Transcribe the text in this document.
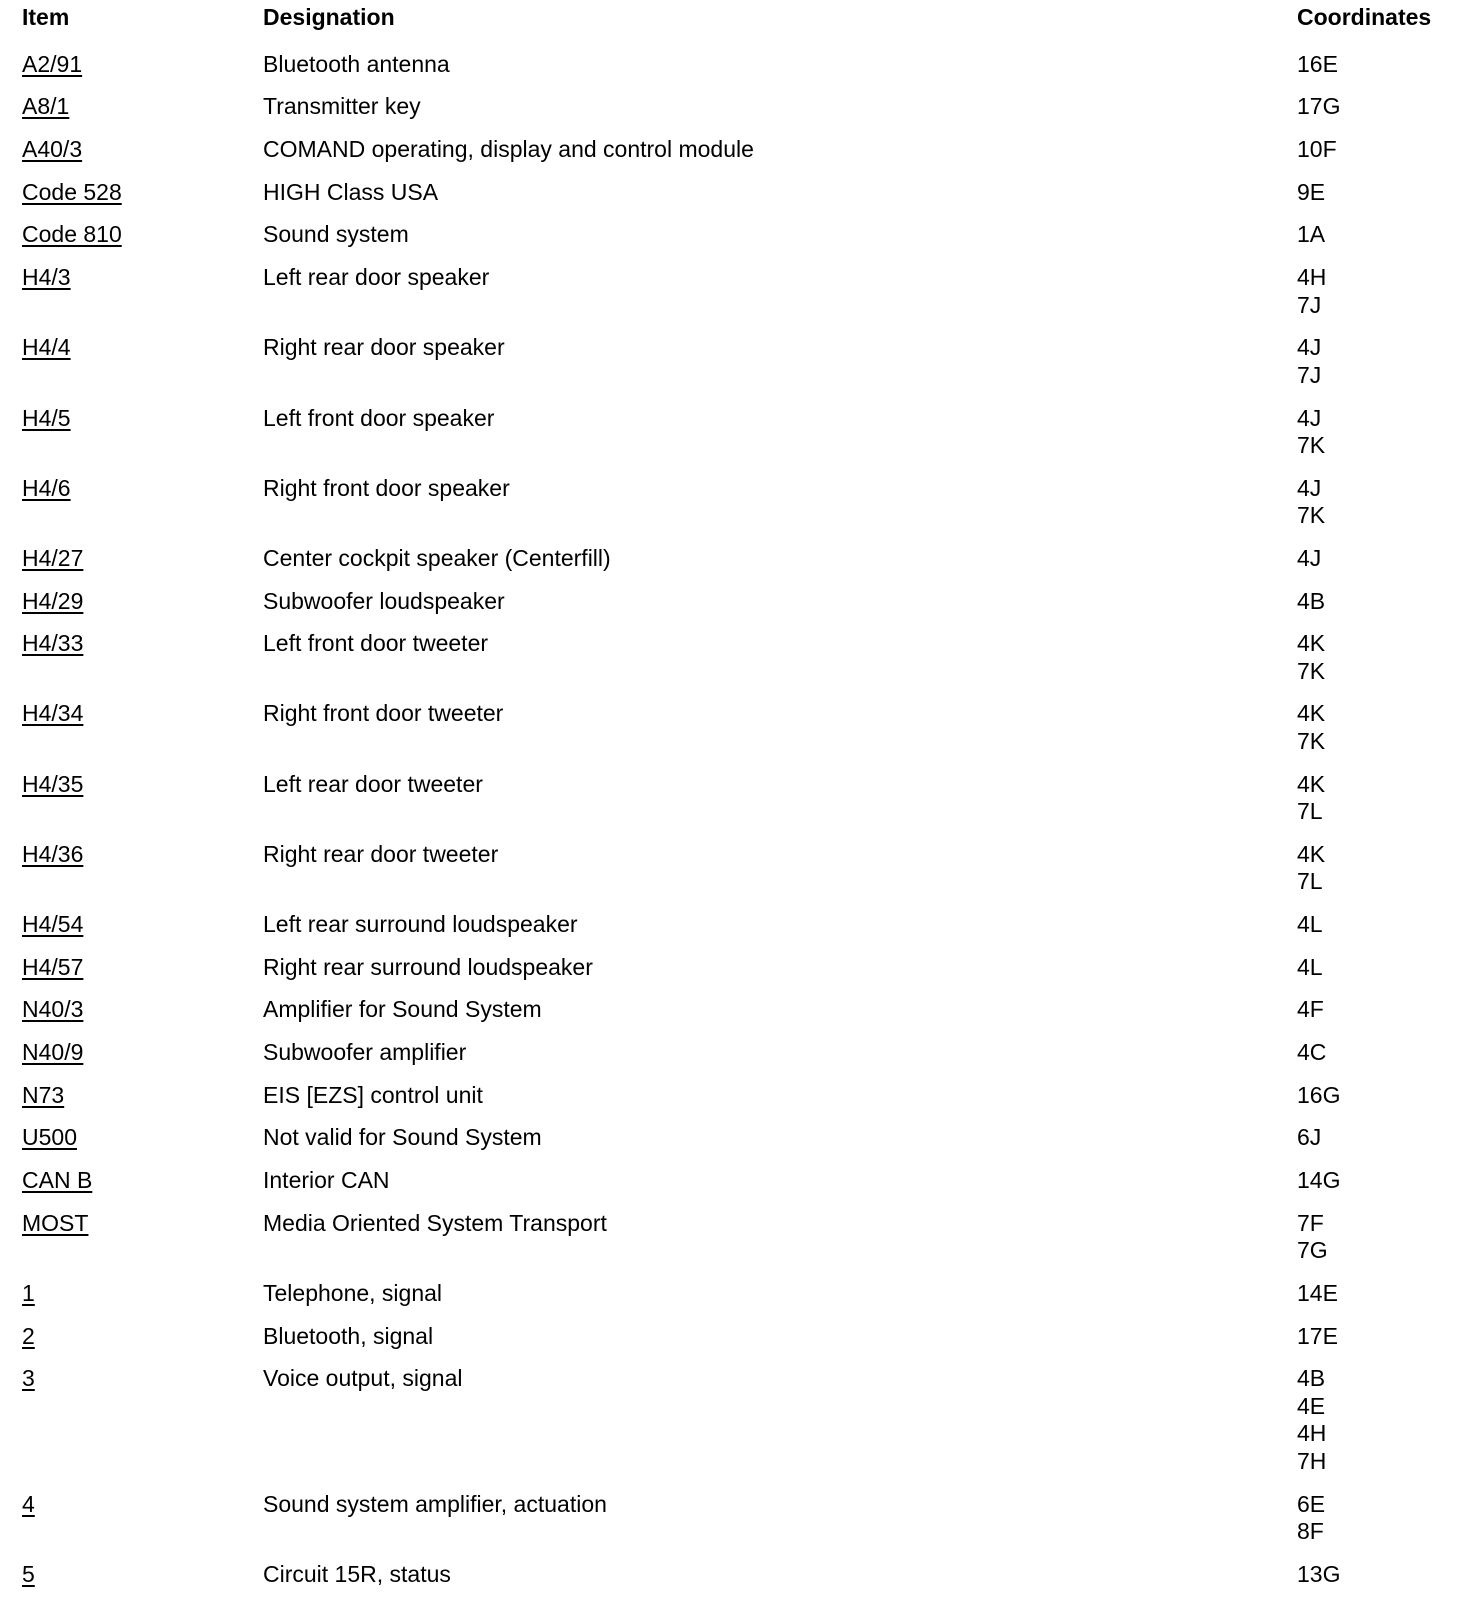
Item	Designation	Coordinates
A2/91	Bluetooth antenna	16E
A8/1	Transmitter key	17G
A40/3	COMAND operating, display and control module	10F
Code 528	HIGH Class USA	9E
Code 810	Sound system	1A
H4/3	Left rear door speaker	4H
7J
H4/4	Right rear door speaker	4J
7J
H4/5	Left front door speaker	4J
7K
H4/6	Right front door speaker	4J
7K
H4/27	Center cockpit speaker (Centerfill)	4J
H4/29	Subwoofer loudspeaker	4B
H4/33	Left front door tweeter	4K
7K
H4/34	Right front door tweeter	4K
7K
H4/35	Left rear door tweeter	4K
7L
H4/36	Right rear door tweeter	4K
7L
H4/54	Left rear surround loudspeaker	4L
H4/57	Right rear surround loudspeaker	4L
N40/3	Amplifier for Sound System	4F
N40/9	Subwoofer amplifier	4C
N73	EIS [EZS] control unit	16G
U500	Not valid for Sound System	6J
CAN B	Interior CAN	14G
MOST	Media Oriented System Transport	7F
7G
1	Telephone, signal	14E
2	Bluetooth, signal	17E
3	Voice output, signal	4B
4E
4H
7H
4	Sound system amplifier, actuation	6E
8F
5	Circuit 15R, status	13G
